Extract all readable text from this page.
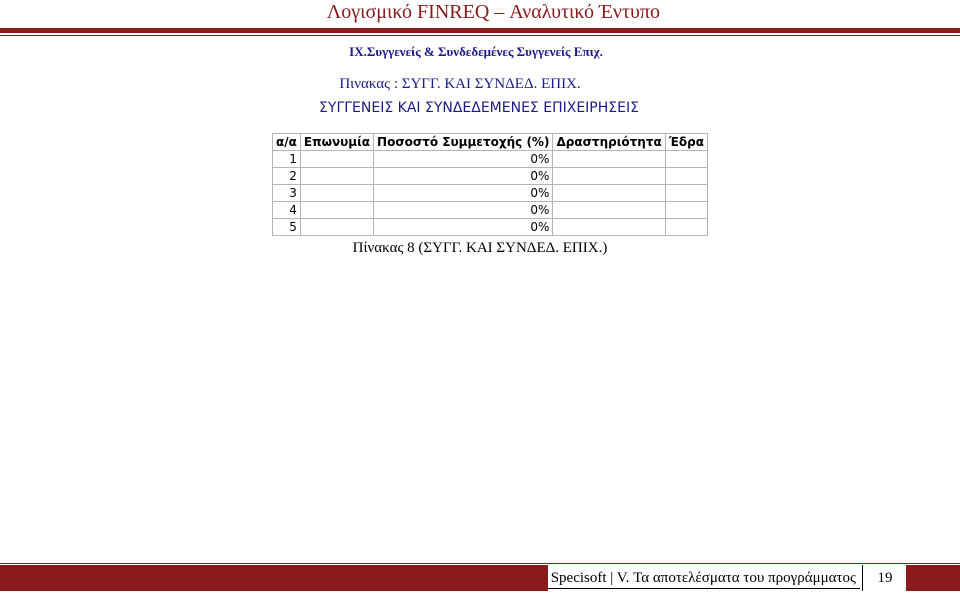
Λογισμικό FINREQ – Αναλυτικό Έντυπο
IX.Συγγενείς & Συνδεδεμένες Συγγενείς Επιχ.
Πινακας : ΣΥΓΓ. ΚΑΙ ΣΥΝΔΕΔ. ΕΠΙΧ.
ΣΥΓΓΕΝΕΙΣ ΚΑΙ ΣΥΝΔΕΔΕΜΕΝΕΣ ΕΠΙΧΕΙΡΗΣΕΙΣ
α/α	Επωνυμία	Ποσοστό Συμμετοχής (%)	Δραστηριότητα	Έδρα
1		0%		
2		0%		
3		0%		
4		0%		
5		0%		
Πίνακας 8 (ΣΥΓΓ. ΚΑΙ ΣΥΝΔΕΔ. ΕΠΙΧ.)
Specisoft | V. Τα αποτελέσματα του προγράμματος	19
